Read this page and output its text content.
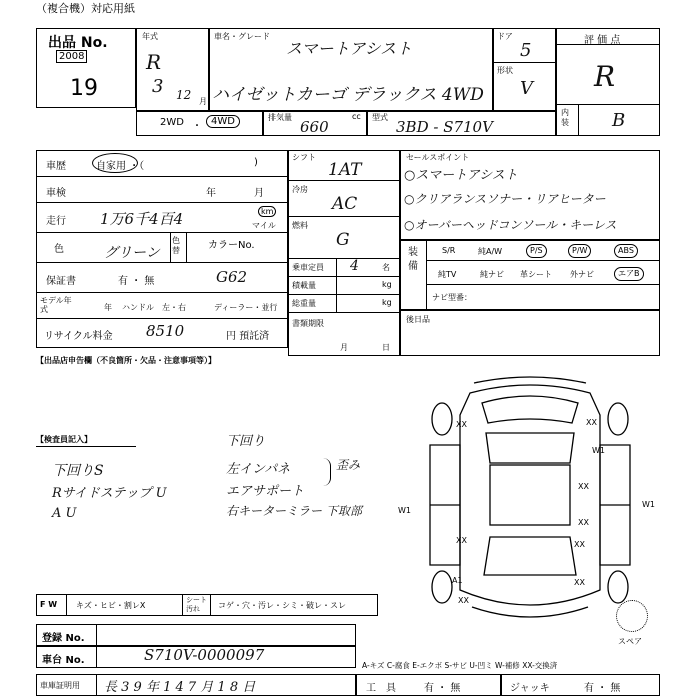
（複合機）対応用紙
出品 No.
2008
19
年式
R
3 12 月
車名・グレード
スマートアシスト
ハイゼットカーゴ デラックス 4WD
ドア
5
形状
V
2WD ・ 4WD	排気量
660
cc 型式
3BD - S710V
評 価 点
R
内装 B
車歴	自家用 ・（	)
車検	年	月
走行 1万6千4百4	km
マイル
色	グリーン
色替	カラーNo.
保証書	有 ・ 無	G62
モデル年式	年 ハンドル　左・右	ディーラー・並行
リサイクル料金 8510	円 預託済
シフト
1AT
冷房
AC
燃料
G
乗車定員 4	名
積載量	kg
総重量	kg
書類期限
月	日
セールスポイント
○スマートアシスト
○クリアランスソナー・リアヒーター
○オーバーヘッドコンソール・キーレス
装備
S/R	純A/W	P/S	P/W	ABS
純TV	純ナビ 革シート 外ナビ	エアB
ナビ型番：
後日品
【出品店申告欄（不良箇所・欠品・注意事項等）】
【検査員記入】	下回り
下回りS
Rサイドステップ U
A U
左インパネ
エアサポート
右キーターミラー 下取部
歪み
XX	XX
W1
W1
XX
XX
XX	XX
W1
A1
XX
XX
スペア
F W キズ・ヒビ・割レX
シート 汚れ	コゲ・穴・汚レ・シミ・破レ・スレ
登録 No.
車台 No.	S710V-0000097
A-キズ C-腐食 E-エクボ S-サビ U-凹ミ W-補修 XX-交換済
車庫証明用 長 3 9 年 1 4 7 月 1 8 日	工　具	有 ・ 無	ジャッキ	有 ・ 無
